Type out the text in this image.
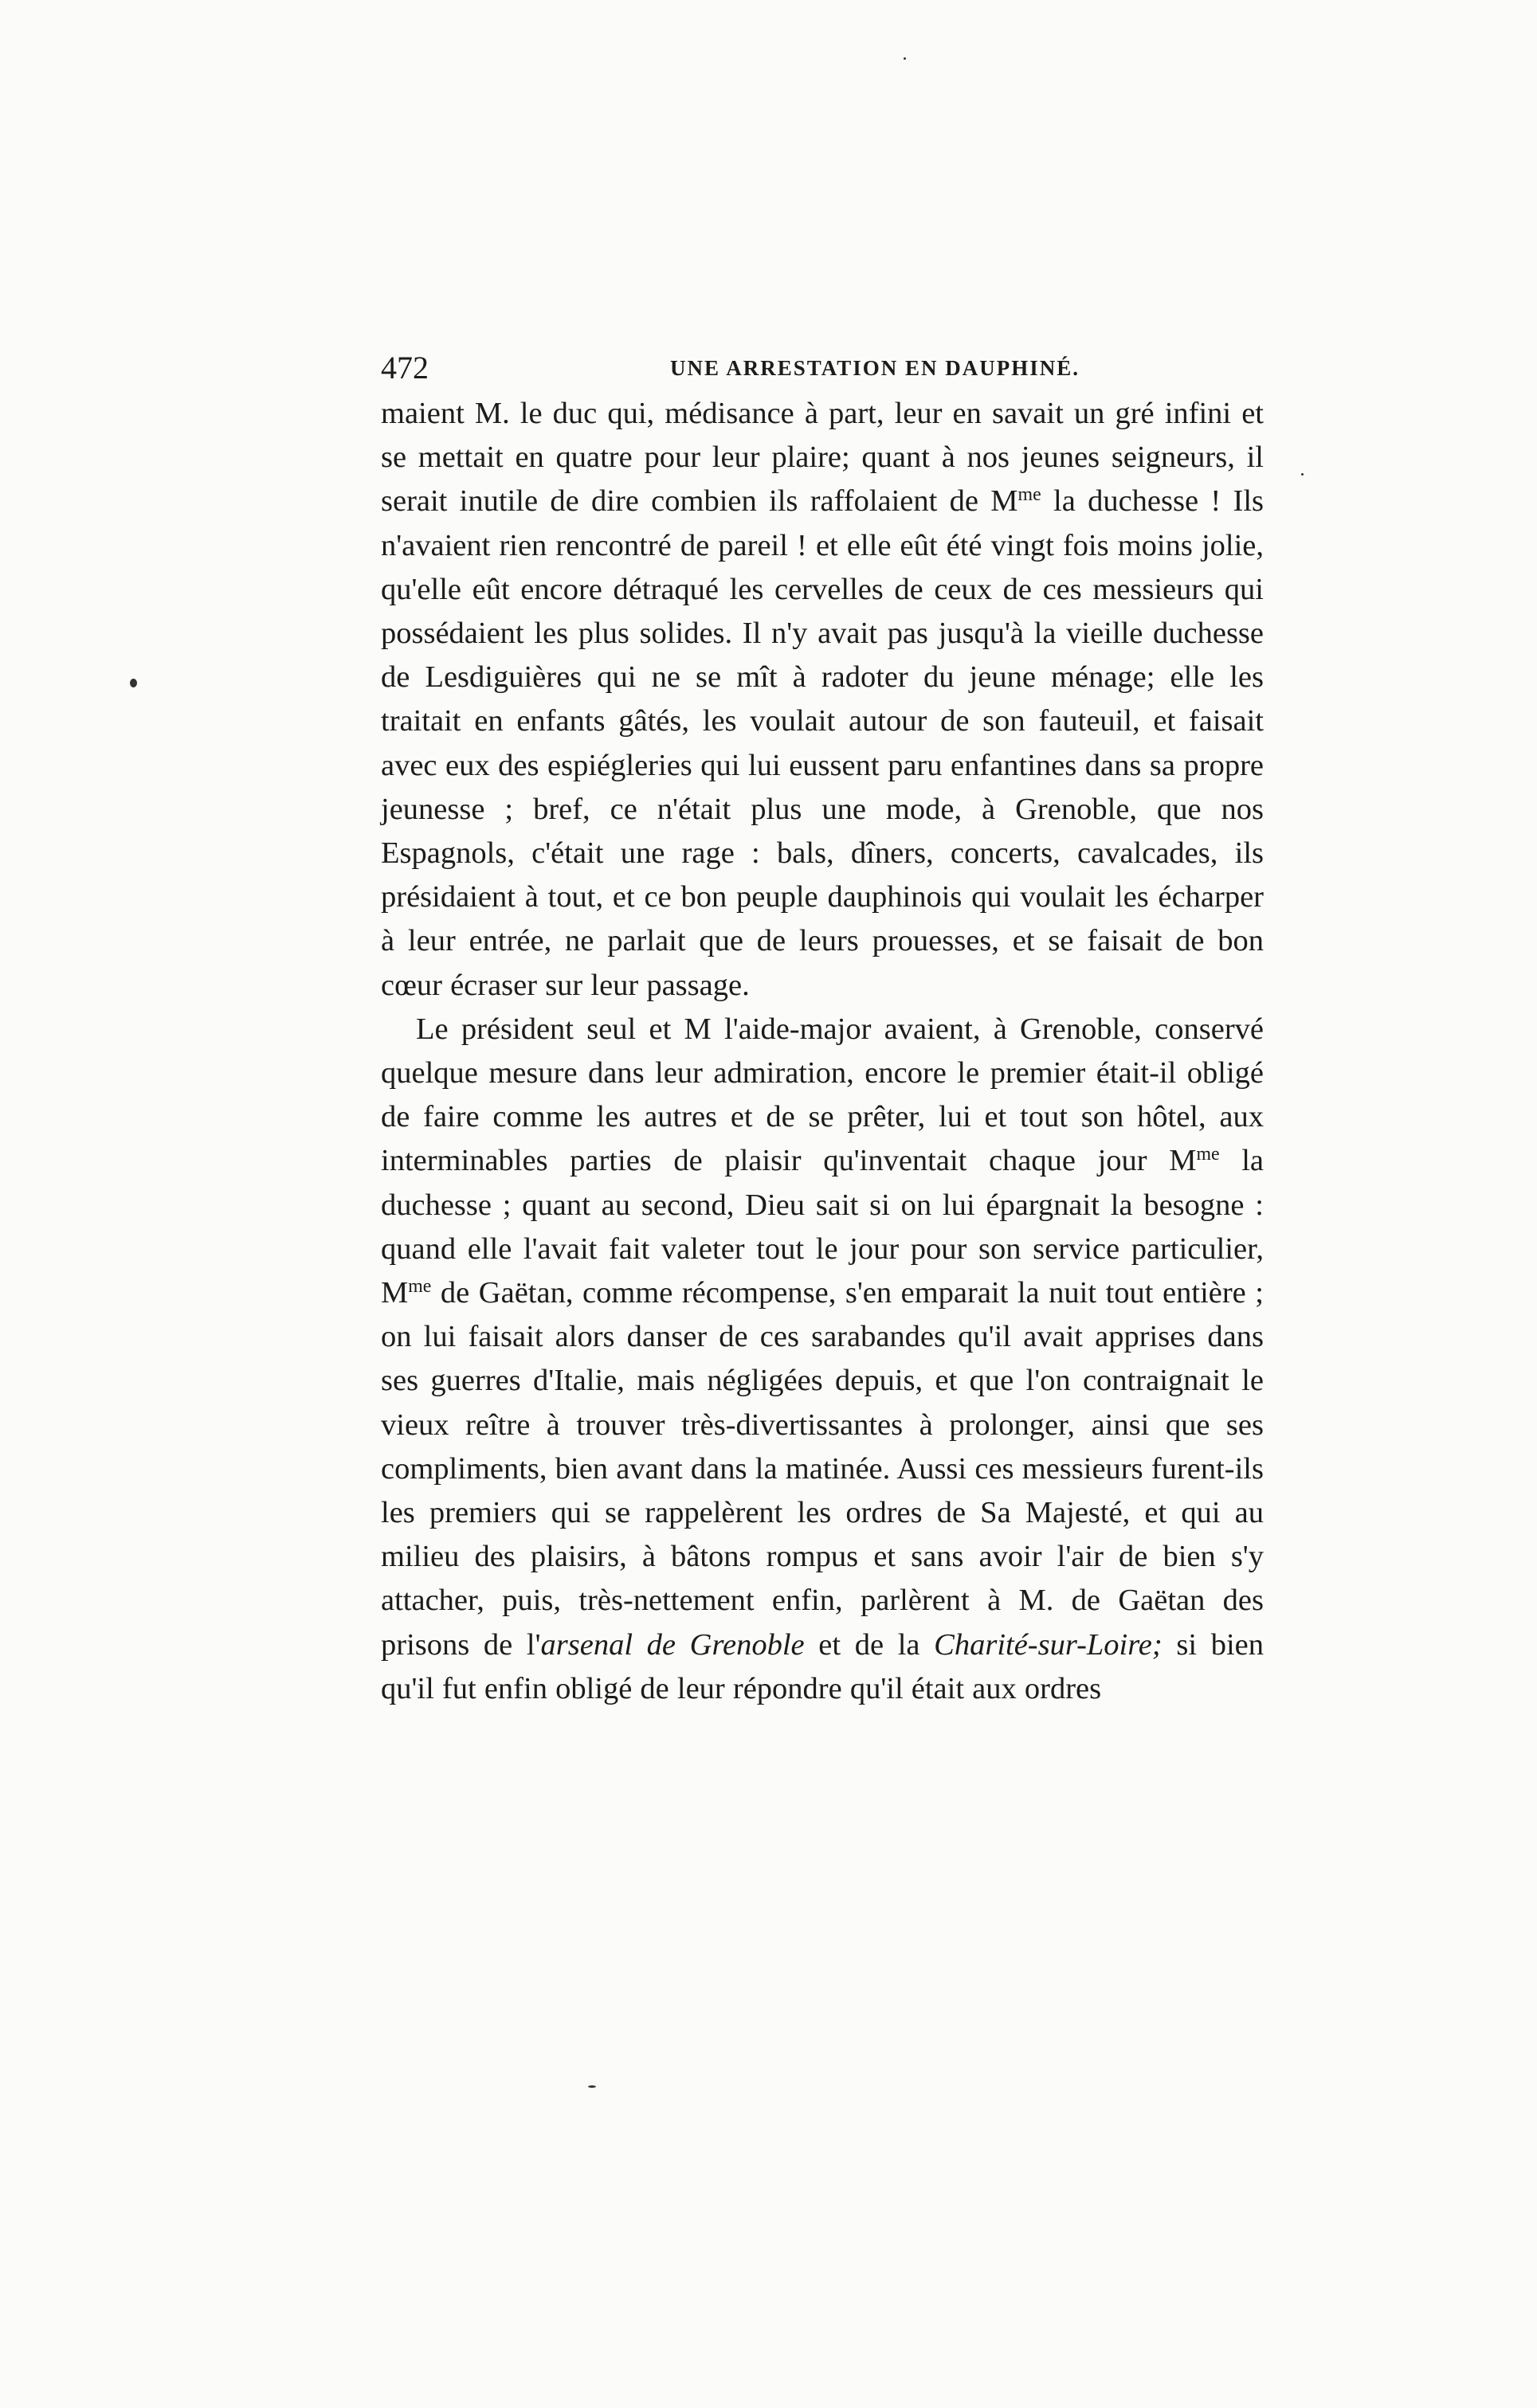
472	UNE ARRESTATION EN DAUPHINÉ.

maient M. le duc qui, médisance à part, leur en savait un gré infini et se mettait en quatre pour leur plaire; quant à nos jeunes seigneurs, il serait inutile de dire combien ils raffolaient de $M^{me}$ la duchesse ! Ils n'avaient rien rencontré de pareil ! et elle eût été vingt fois moins jolie, qu'elle eût encore détraqué les cervelles de ceux de ces messieurs qui possédaient les plus solides. Il n'y avait pas jusqu'à la vieille duchesse de Lesdiguières qui ne se mît à radoter du jeune ménage; elle les traitait en enfants gâtés, les voulait autour de son fauteuil, et faisait avec eux des espiégleries qui lui eussent paru enfantines dans sa propre jeunesse ; bref, ce n'était plus une mode, à Grenoble, que nos Espagnols, c'était une rage : bals, dîners, concerts, cavalcades, ils présidaient à tout, et ce bon peuple dauphinois qui voulait les écharper à leur entrée, ne parlait que de leurs prouesses, et se faisait de bon cœur écraser sur leur passage.

Le président seul et M l'aide-major avaient, à Grenoble, conservé quelque mesure dans leur admiration, encore le premier était-il obligé de faire comme les autres et de se prêter, lui et tout son hôtel, aux interminables parties de plaisir qu'inventait chaque jour $M^{me}$ la duchesse ; quant au second, Dieu sait si on lui épargnait la besogne : quand elle l'avait fait valeter tout le jour pour son service particulier, $M^{me}$ de Gaëtan, comme récompense, s'en emparait la nuit tout entière ; on lui faisait alors danser de ces sarabandes qu'il avait apprises dans ses guerres d'Italie, mais négligées depuis, et que l'on contraignait le vieux reître à trouver très-divertissantes à prolonger, ainsi que ses compliments, bien avant dans la matinée. Aussi ces messieurs furent-ils les premiers qui se rappelèrent les ordres de Sa Majesté, et qui au milieu des plaisirs, à bâtons rompus et sans avoir l'air de bien s'y attacher, puis, très-nettement enfin, parlèrent à M. de Gaëtan des prisons de l'arsenal de Grenoble et de la Charité-sur-Loire; si bien qu'il fut enfin obligé de leur répondre qu'il était aux ordres
